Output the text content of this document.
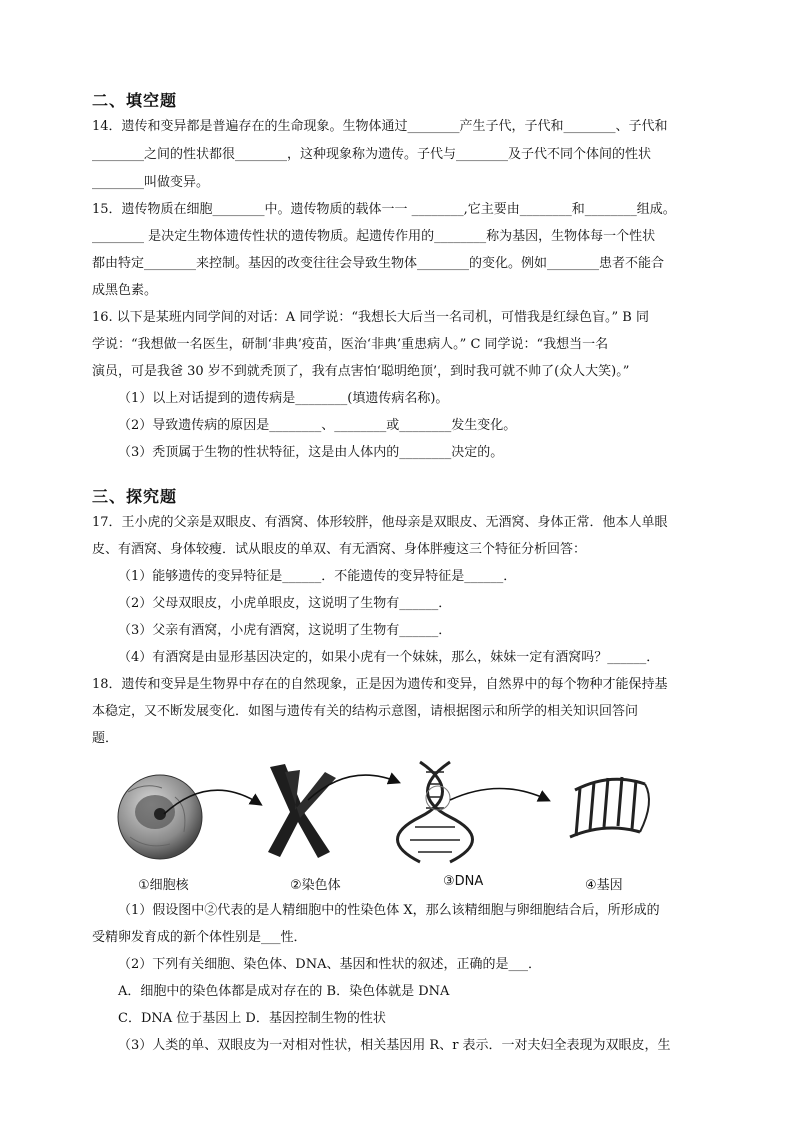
二、填空题
14．遗传和变异都是普遍存在的生命现象。生物体通过________产生子代，子代和________、子代和
________之间的性状都很________，这种现象称为遗传。子代与________及子代不同个体间的性状
________叫做变异。
15．遗传物质在细胞________中。遗传物质的载体一一 ________,它主要由________和________组成。
________ 是决定生物体遗传性状的遗传物质。起遗传作用的________称为基因，生物体每一个性状
都由特定________来控制。基因的改变往往会导致生物体________的变化。例如________患者不能合
成黑色素。
16. 以下是某班内同学间的对话：A 同学说：“我想长大后当一名司机，可惜我是红绿色盲。” B 同
学说：“我想做一名医生，研制‘非典’疫苗，医治‘非典’重患病人。” C 同学说：“我想当一名
演员，可是我爸 30 岁不到就秃顶了，我有点害怕‘聪明绝顶’，到时我可就不帅了(众人大笑)。”
（1）以上对话提到的遗传病是________(填遗传病名称)。
（2）导致遗传病的原因是________、________或________发生变化。
（3）秃顶属于生物的性状特征，这是由人体内的________决定的。
三、探究题
17．王小虎的父亲是双眼皮、有酒窝、体形较胖，他母亲是双眼皮、无酒窝、身体正常．他本人单眼
皮、有酒窝、身体较瘦．试从眼皮的单双、有无酒窝、身体胖瘦这三个特征分析回答：
（1）能够遗传的变异特征是______．不能遗传的变异特征是______．
（2）父母双眼皮，小虎单眼皮，这说明了生物有______．
（3）父亲有酒窝，小虎有酒窝，这说明了生物有______．
（4）有酒窝是由显形基因决定的，如果小虎有一个妹妹，那么，妹妹一定有酒窝吗？______．
18．遗传和变异是生物界中存在的自然现象，正是因为遗传和变异，自然界中的每个物种才能保持基
本稳定，又不断发展变化．如图与遗传有关的结构示意图，请根据图示和所学的相关知识回答问
题．
①细胞核	②染色体	③DNA	④基因
（1）假设图中②代表的是人精细胞中的性染色体 X，那么该精细胞与卵细胞结合后，所形成的
受精卵发育成的新个体性别是___性．
（2）下列有关细胞、染色体、DNA、基因和性状的叙述，正确的是___．
A．细胞中的染色体都是成对存在的 B．染色体就是 DNA
C．DNA 位于基因上 D．基因控制生物的性状
（3）人类的单、双眼皮为一对相对性状，相关基因用 R、r 表示．一对夫妇全表现为双眼皮，生
